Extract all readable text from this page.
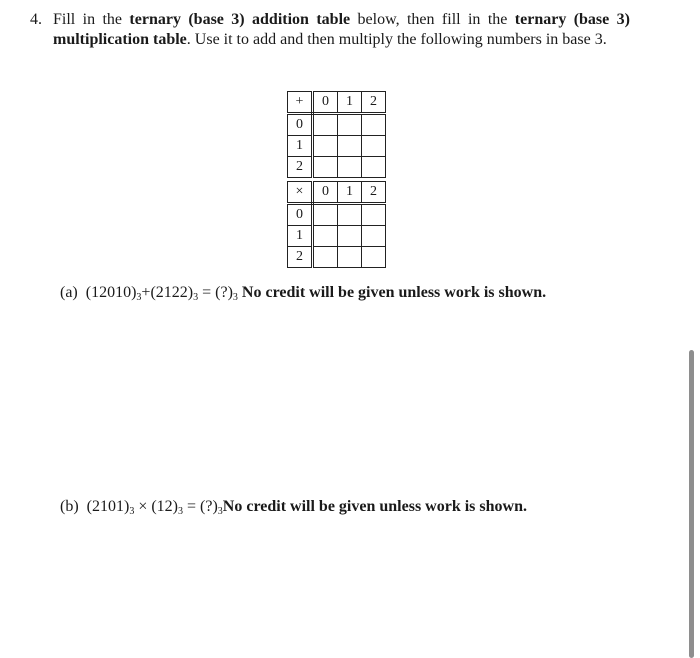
4. Fill in the ternary (base 3) addition table below, then fill in the ternary (base 3) multiplication table. Use it to add and then multiply the following numbers in base 3.
+	0	1	2
0			
1			
2			
×	0	1	2
0			
1			
2			
(a) $(12010)_3+(2122)_3$ = $(?)_3$ No credit will be given unless work is shown.
(b) $(2101)_3 \times (12)_3$ = $(?)_3No$ credit will be given unless work is shown.
